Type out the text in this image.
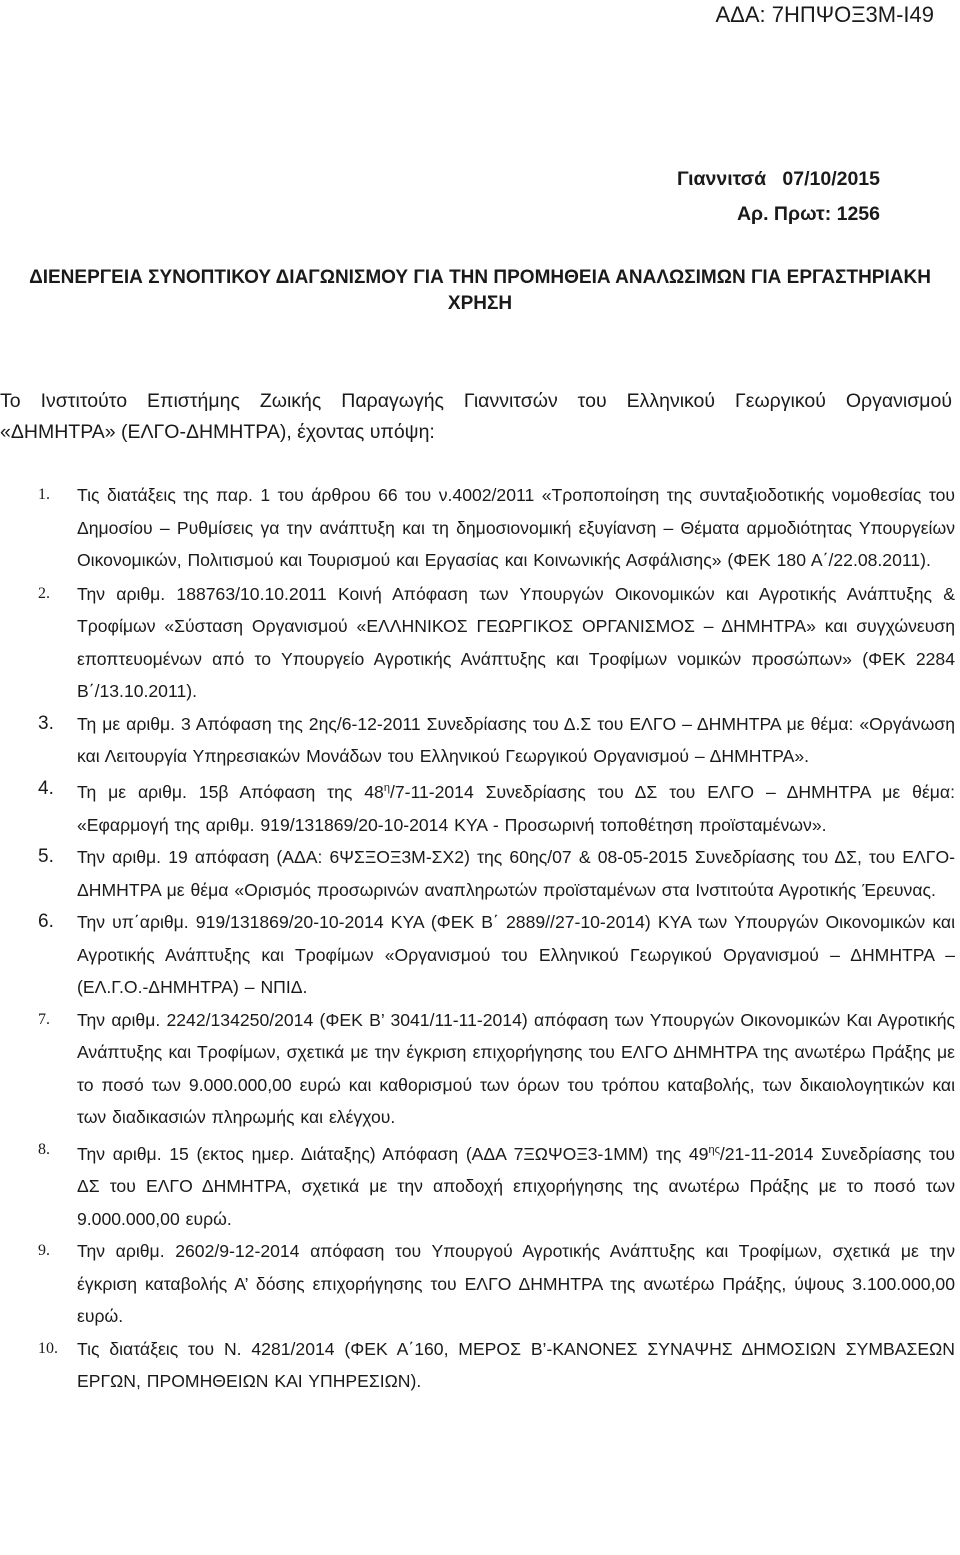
ΑΔΑ: 7ΗΠΨΟΞ3Μ-Ι49
Γιαννιτσά   07/10/2015
Αρ. Πρωτ: 1256
ΔΙΕΝΕΡΓΕΙΑ ΣΥΝΟΠΤΙΚΟΥ ΔΙΑΓΩΝΙΣΜΟΥ ΓΙΑ ΤΗΝ ΠΡΟΜΗΘΕΙΑ ΑΝΑΛΩΣΙΜΩΝ ΓΙΑ ΕΡΓΑΣΤΗΡΙΑΚΗ ΧΡΗΣΗ
Το Ινστιτούτο Επιστήμης Ζωικής Παραγωγής Γιαννιτσών του Ελληνικού Γεωργικού Οργανισμού
«ΔΗΜΗΤΡΑ» (ΕΛΓΟ-ΔΗΜΗΤΡΑ), έχοντας υπόψη:
1. Τις διατάξεις της παρ. 1 του άρθρου 66 του ν.4002/2011 «Τροποποίηση της συνταξιοδοτικής νομοθεσίας του Δημοσίου – Ρυθμίσεις γα την ανάπτυξη και τη δημοσιονομική εξυγίανση – Θέματα αρμοδιότητας Υπουργείων Οικονομικών, Πολιτισμού και Τουρισμού και Εργασίας και Κοινωνικής Ασφάλισης» (ΦΕΚ 180 Α΄/22.08.2011).
2. Την αριθμ. 188763/10.10.2011 Κοινή Απόφαση των Υπουργών Οικονομικών και Αγροτικής Ανάπτυξης & Τροφίμων «Σύσταση Οργανισμού «ΕΛΛΗΝΙΚΟΣ ΓΕΩΡΓΙΚΟΣ ΟΡΓΑΝΙΣΜΟΣ – ΔΗΜΗΤΡΑ» και συγχώνευση εποπτευομένων από το Υπουργείο Αγροτικής Ανάπτυξης και Τροφίμων νομικών προσώπων» (ΦΕΚ 2284 Β΄/13.10.2011).
3. Τη με αριθμ. 3 Απόφαση της 2ης/6-12-2011 Συνεδρίασης του Δ.Σ του ΕΛΓΟ – ΔΗΜΗΤΡΑ με θέμα: «Οργάνωση και Λειτουργία Υπηρεσιακών Μονάδων του Ελληνικού Γεωργικού Οργανισμού – ΔΗΜΗΤΡΑ».
4. Τη με αριθμ. 15β Απόφαση της $48^\eta/7-11-2014$ Συνεδρίασης του ΔΣ του ΕΛΓΟ – ΔΗΜΗΤΡΑ με θέμα: «Εφαρμογή της αριθμ. 919/131869/20-10-2014 ΚΥΑ - Προσωρινή τοποθέτηση προϊσταμένων».
5. Την αριθμ. 19 απόφαση (ΑΔΑ: 6ΨΣΞΟΞ3Μ-ΣΧ2) της 60ης/07 & 08-05-2015 Συνεδρίασης του ΔΣ, του ΕΛΓΟ-ΔΗΜΗΤΡΑ με θέμα «Ορισμός προσωρινών αναπληρωτών προϊσταμένων στα Ινστιτούτα Αγροτικής Έρευνας.
6. Την υπ΄αριθμ. 919/131869/20-10-2014 ΚΥΑ (ΦΕΚ Β΄ 2889//27-10-2014) ΚΥΑ των Υπουργών Οικονομικών και Αγροτικής Ανάπτυξης και Τροφίμων «Οργανισμού του Ελληνικού Γεωργικού Οργανισμού – ΔΗΜΗΤΡΑ – (ΕΛ.Γ.Ο.-ΔΗΜΗΤΡΑ) – ΝΠΙΔ.
7. Την αριθμ. 2242/134250/2014 (ΦΕΚ Β’ 3041/11-11-2014) απόφαση των Υπουργών Οικονομικών Και Αγροτικής Ανάπτυξης και Τροφίμων, σχετικά με την έγκριση επιχορήγησης του ΕΛΓΟ ΔΗΜΗΤΡΑ της ανωτέρω Πράξης με το ποσό των 9.000.000,00 ευρώ και καθορισμού των όρων του τρόπου καταβολής, των δικαιολογητικών και των διαδικασιών πληρωμής και ελέγχου.
8. Την αριθμ. 15 (εκτος ημερ. Διάταξης) Απόφαση (ΑΔΑ 7ΞΩΨΟΞ3-1ΜΜ) της $49^{\eta\varsigma}/21-11-2014$ Συνεδρίασης του ΔΣ του ΕΛΓΟ ΔΗΜΗΤΡΑ, σχετικά με την αποδοχή επιχορήγησης της ανωτέρω Πράξης με το ποσό των 9.000.000,00 ευρώ.
9. Την αριθμ. 2602/9-12-2014 απόφαση του Υπουργού Αγροτικής Ανάπτυξης και Τροφίμων, σχετικά με την έγκριση καταβολής Α’ δόσης επιχορήγησης του ΕΛΓΟ ΔΗΜΗΤΡΑ της ανωτέρω Πράξης, ύψους 3.100.000,00 ευρώ.
10. Τις διατάξεις του Ν. 4281/2014 (ΦΕΚ Α΄160, ΜΕΡΟΣ Β’-ΚΑΝΟΝΕΣ ΣΥΝΑΨΗΣ ΔΗΜΟΣΙΩΝ ΣΥΜΒΑΣΕΩΝ ΕΡΓΩΝ, ΠΡΟΜΗΘΕΙΩΝ ΚΑΙ ΥΠΗΡΕΣΙΩΝ).
